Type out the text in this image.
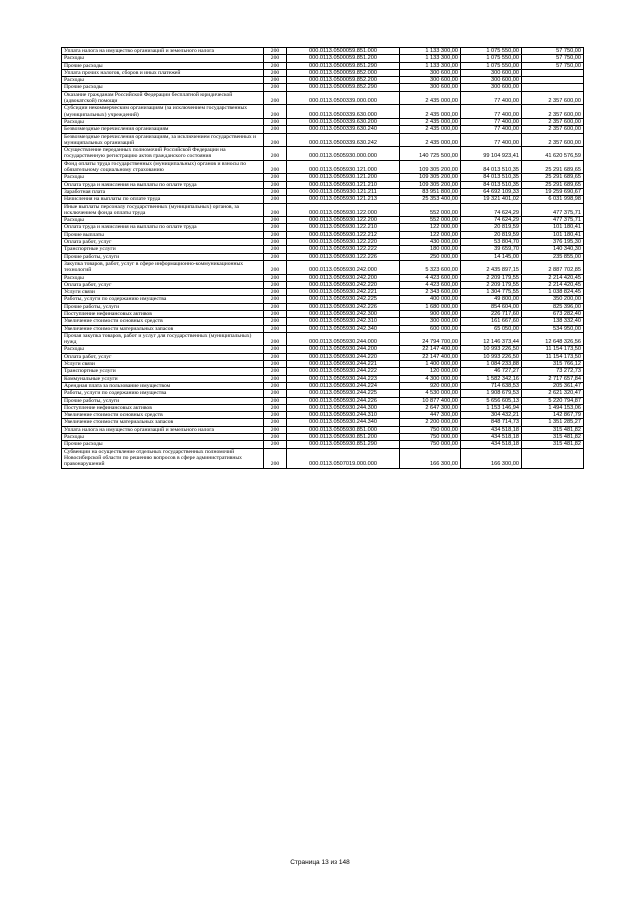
Уплата налога на имущество организаций и земельного налога	200	000.0113.0500059.851.000	1 133 300,00	1 075 550,00	57 750,00
Расходы	200	000.0113.0500059.851.200	1 133 300,00	1 075 550,00	57 750,00
Прочие расходы	200	000.0113.0500059.851.290	1 133 300,00	1 075 550,00	57 750,00
Уплата прочих налогов, сборов и иных платежей	200	000.0113.0500059.852.000	300 600,00	300 600,00	
Расходы	200	000.0113.0500059.852.200	300 600,00	300 600,00	
Прочие расходы	200	000.0113.0500059.852.290	300 600,00	300 600,00	
Оказание гражданам Российской Федерации бесплатной юридической (адвокатской) помощи	200	000.0113.0500339.000.000	2 435 000,00	77 400,00	2 357 600,00
Субсидии некоммерческим организациям (за исключением государственных (муниципальных) учреждений)	200	000.0113.0500339.630.000	2 435 000,00	77 400,00	2 357 600,00
Расходы	200	000.0113.0500339.630.200	2 435 000,00	77 400,00	2 357 600,00
Безвозмездные перечисления организациям	200	000.0113.0500339.630.240	2 435 000,00	77 400,00	2 357 600,00
Безвозмездные перечисления организациям, за исключением государственных и муниципальных организаций	200	000.0113.0500339.630.242	2 435 000,00	77 400,00	2 357 600,00
Осуществление переданных полномочий Российской Федерации на государственную регистрацию актов гражданского состояния	200	000.0113.0505930.000.000	140 725 500,00	99 104 923,41	41 620 576,59
Фонд оплаты труда государственных (муниципальных) органов и взносы по обязательному социальному страхованию	200	000.0113.0505930.121.000	109 305 200,00	84 013 510,35	25 291 689,65
Расходы	200	000.0113.0505930.121.200	109 305 200,00	84 013 510,35	25 291 689,65
Оплата труда и начисления на выплаты по оплате труда	200	000.0113.0505930.121.210	109 305 200,00	84 013 510,35	25 291 689,65
Заработная плата	200	000.0113.0505930.121.211	83 951 800,00	64 692 109,33	19 259 690,67
Начисления на выплаты по оплате труда	200	000.0113.0505930.121.213	25 353 400,00	19 321 401,02	6 031 998,98
Иные выплаты персоналу государственных (муниципальных) органов, за исключением фонда оплаты труда	200	000.0113.0505930.122.000	552 000,00	74 624,29	477 375,71
Расходы	200	000.0113.0505930.122.200	552 000,00	74 624,29	477 375,71
Оплата труда и начисления на выплаты по оплате труда	200	000.0113.0505930.122.210	122 000,00	20 819,59	101 180,41
Прочие выплаты	200	000.0113.0505930.122.212	122 000,00	20 819,59	101 180,41
Оплата работ, услуг	200	000.0113.0505930.122.220	430 000,00	53 804,70	376 195,30
Транспортные услуги	200	000.0113.0505930.122.222	180 000,00	39 659,70	140 340,30
Прочие работы, услуги	200	000.0113.0505930.122.226	250 000,00	14 145,00	235 855,00
Закупка товаров, работ, услуг в сфере информационно-коммуникационных технологий	200	000.0113.0505930.242.000	5 323 600,00	2 435 897,15	2 887 702,85
Расходы	200	000.0113.0505930.242.200	4 423 600,00	2 209 179,55	2 214 420,45
Оплата работ, услуг	200	000.0113.0505930.242.220	4 423 600,00	2 209 179,55	2 214 420,45
Услуги связи	200	000.0113.0505930.242.221	2 343 600,00	1 304 775,55	1 038 824,45
Работы, услуги по содержанию имущества	200	000.0113.0505930.242.225	400 000,00	49 800,00	350 200,00
Прочие работы, услуги	200	000.0113.0505930.242.226	1 680 000,00	854 604,00	825 396,00
Поступление нефинансовых активов	200	000.0113.0505930.242.300	900 000,00	226 717,60	673 282,40
Увеличение стоимости основных средств	200	000.0113.0505930.242.310	300 000,00	161 667,60	138 332,40
Увеличение стоимости материальных запасов	200	000.0113.0505930.242.340	600 000,00	65 050,00	534 950,00
Прочая закупка товаров, работ и услуг для государственных (муниципальных) нужд	200	000.0113.0505930.244.000	24 794 700,00	12 146 373,44	12 648 326,56
Расходы	200	000.0113.0505930.244.200	22 147 400,00	10 993 226,50	11 154 173,50
Оплата работ, услуг	200	000.0113.0505930.244.220	22 147 400,00	10 993 226,50	11 154 173,50
Услуги связи	200	000.0113.0505930.244.221	1 400 000,00	1 084 233,88	315 766,12
Транспортные услуги	200	000.0113.0505930.244.222	120 000,00	46 727,27	73 272,73
Коммунальные услуги	200	000.0113.0505930.244.223	4 300 000,00	1 582 342,16	2 717 657,84
Арендная плата за пользование имуществом	200	000.0113.0505930.244.224	920 000,00	714 638,53	205 361,47
Работы, услуги по содержанию имущества	200	000.0113.0505930.244.225	4 530 000,00	1 908 679,53	2 621 320,47
Прочие работы, услуги	200	000.0113.0505930.244.226	10 877 400,00	5 656 605,13	5 220 794,87
Поступление нефинансовых активов	200	000.0113.0505930.244.300	2 647 300,00	1 153 146,94	1 494 153,06
Увеличение стоимости основных средств	200	000.0113.0505930.244.310	447 300,00	304 432,21	142 867,79
Увеличение стоимости материальных запасов	200	000.0113.0505930.244.340	2 200 000,00	848 714,73	1 351 285,27
Уплата налога на имущество организаций и земельного налога	200	000.0113.0505930.851.000	750 000,00	434 518,18	315 481,82
Расходы	200	000.0113.0505930.851.200	750 000,00	434 518,18	315 481,82
Прочие расходы	200	000.0113.0505930.851.290	750 000,00	434 518,18	315 481,82
Субвенции на осуществление отдельных государственных полномочий Новосибирской области по решению вопросов в сфере административных правонарушений	200	000.0113.0507019.000.000	166 300,00	166 300,00	
Страница 13 из 148
